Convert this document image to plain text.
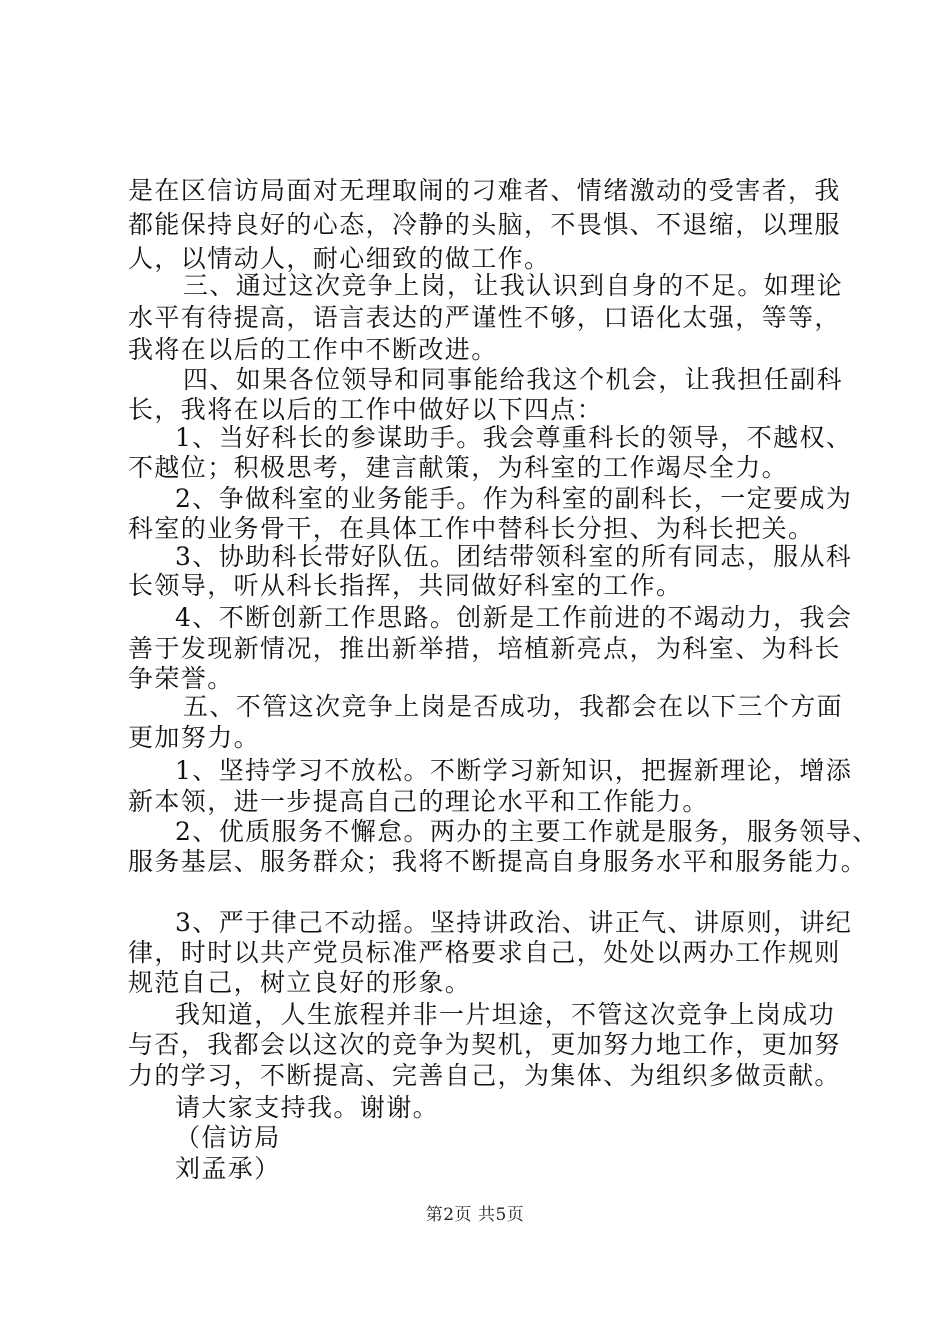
是在区信访局面对无理取闹的刁难者、情绪激动的受害者，我
都能保持良好的心态，冷静的头脑，不畏惧、不退缩，以理服
人，以情动人，耐心细致的做工作。
三、通过这次竞争上岗，让我认识到自身的不足。如理论
水平有待提高，语言表达的严谨性不够，口语化太强，等等，
我将在以后的工作中不断改进。
四、如果各位领导和同事能给我这个机会，让我担任副科
长，我将在以后的工作中做好以下四点：
1、当好科长的参谋助手。我会尊重科长的领导，不越权、
不越位；积极思考，建言献策，为科室的工作竭尽全力。
2、争做科室的业务能手。作为科室的副科长，一定要成为
科室的业务骨干，在具体工作中替科长分担、为科长把关。
3、协助科长带好队伍。团结带领科室的所有同志，服从科
长领导，听从科长指挥，共同做好科室的工作。
4、不断创新工作思路。创新是工作前进的不竭动力，我会
善于发现新情况，推出新举措，培植新亮点，为科室、为科长
争荣誉。
五、不管这次竞争上岗是否成功，我都会在以下三个方面
更加努力。
1、坚持学习不放松。不断学习新知识，把握新理论，增添
新本领，进一步提高自己的理论水平和工作能力。
2、优质服务不懈怠。两办的主要工作就是服务，服务领导、
服务基层、服务群众；我将不断提高自身服务水平和服务能力。
3、严于律己不动摇。坚持讲政治、讲正气、讲原则，讲纪
律，时时以共产党员标准严格要求自己，处处以两办工作规则
规范自己，树立良好的形象。
我知道，人生旅程并非一片坦途，不管这次竞争上岗成功
与否，我都会以这次的竞争为契机，更加努力地工作，更加努
力的学习，不断提高、完善自己，为集体、为组织多做贡献。
请大家支持我。谢谢。
（信访局
刘孟承）
第2页 共5页
